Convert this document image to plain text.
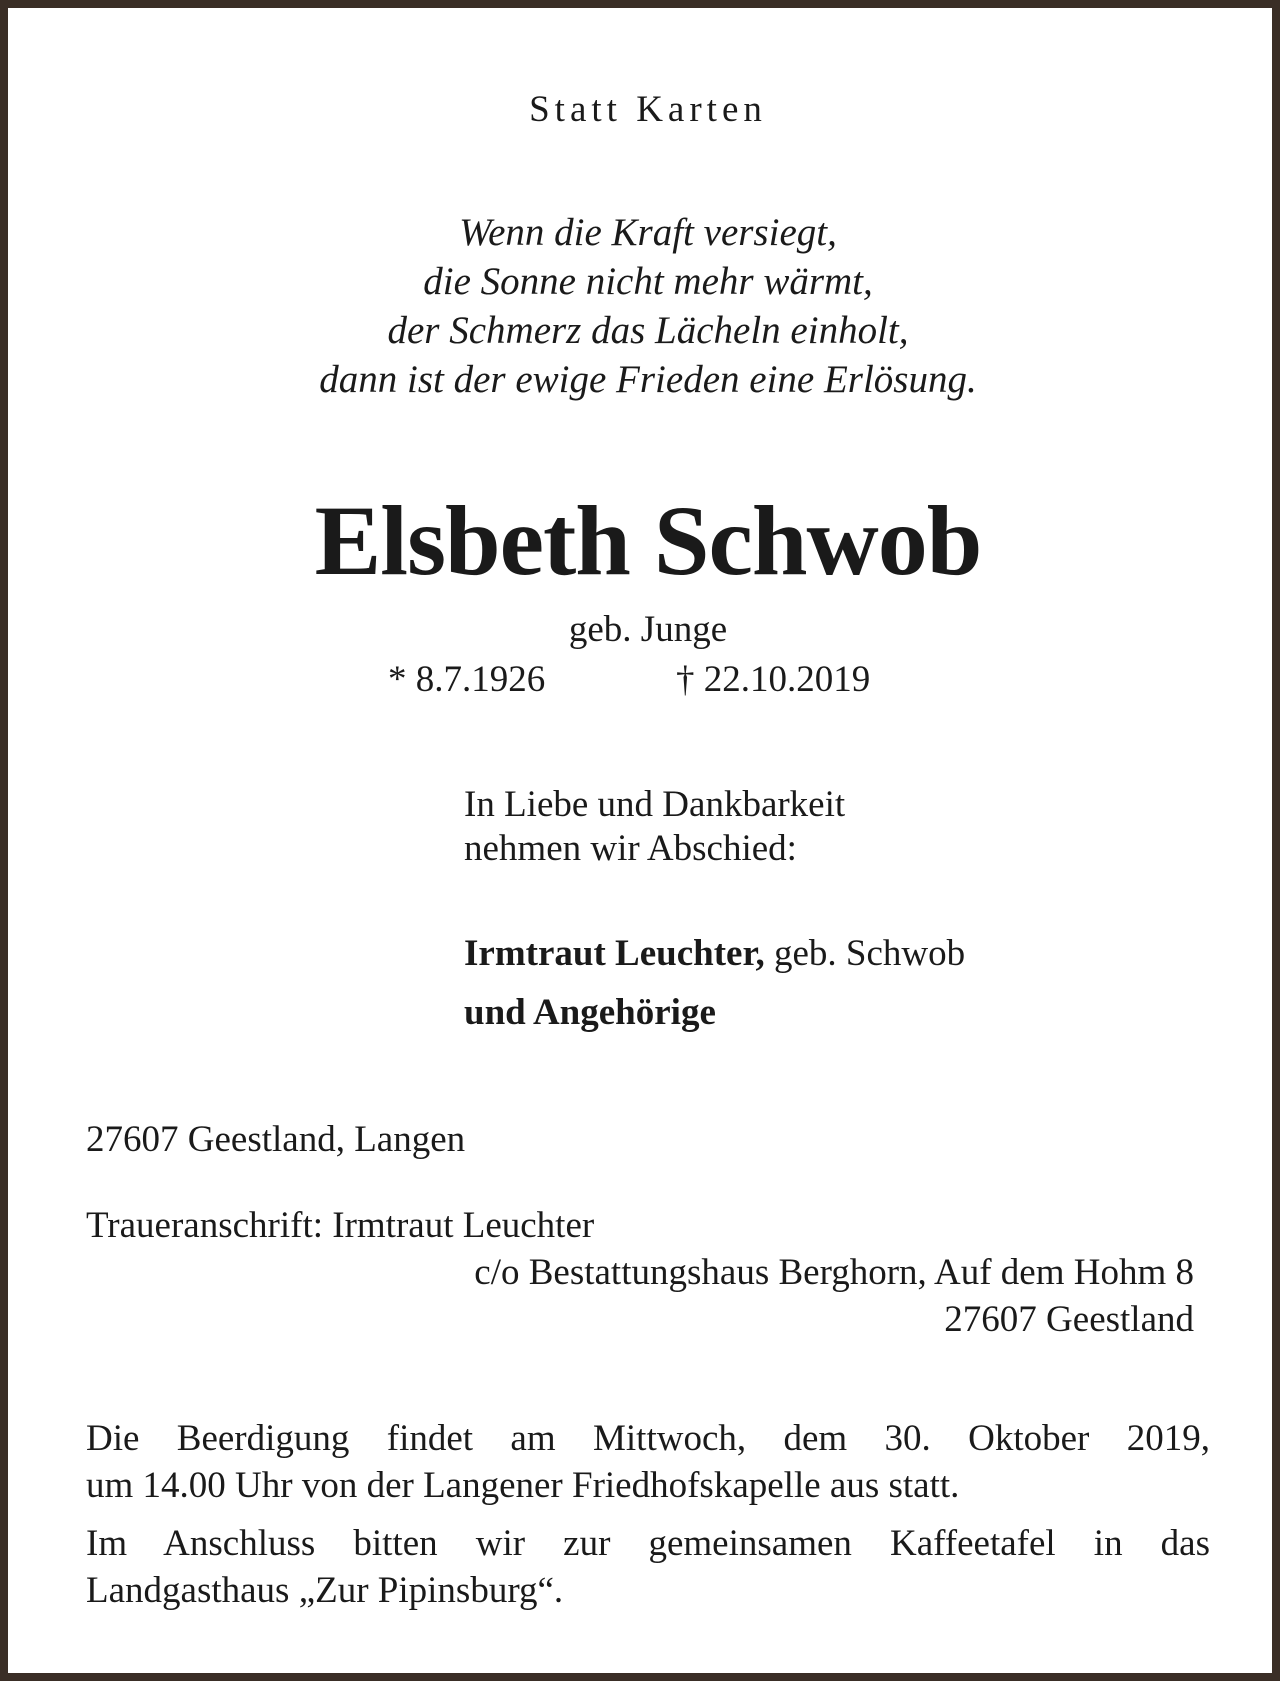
Statt Karten
Wenn die Kraft versiegt,
die Sonne nicht mehr wärmt,
der Schmerz das Lächeln einholt,
dann ist der ewige Frieden eine Erlösung.
Elsbeth Schwob
geb. Junge
* 8.7.1926	† 22.10.2019
In Liebe und Dankbarkeit
nehmen wir Abschied:
Irmtraut Leuchter, geb. Schwob
und Angehörige
27607 Geestland, Langen
Traueranschrift: Irmtraut Leuchter
c/o Bestattungshaus Berghorn, Auf dem Hohm 8
27607 Geestland
Die Beerdigung findet am Mittwoch, dem 30. Oktober 2019,
um 14.00 Uhr von der Langener Friedhofskapelle aus statt.
Im Anschluss bitten wir zur gemeinsamen Kaffeetafel in das
Landgasthaus „Zur Pipinsburg“.
